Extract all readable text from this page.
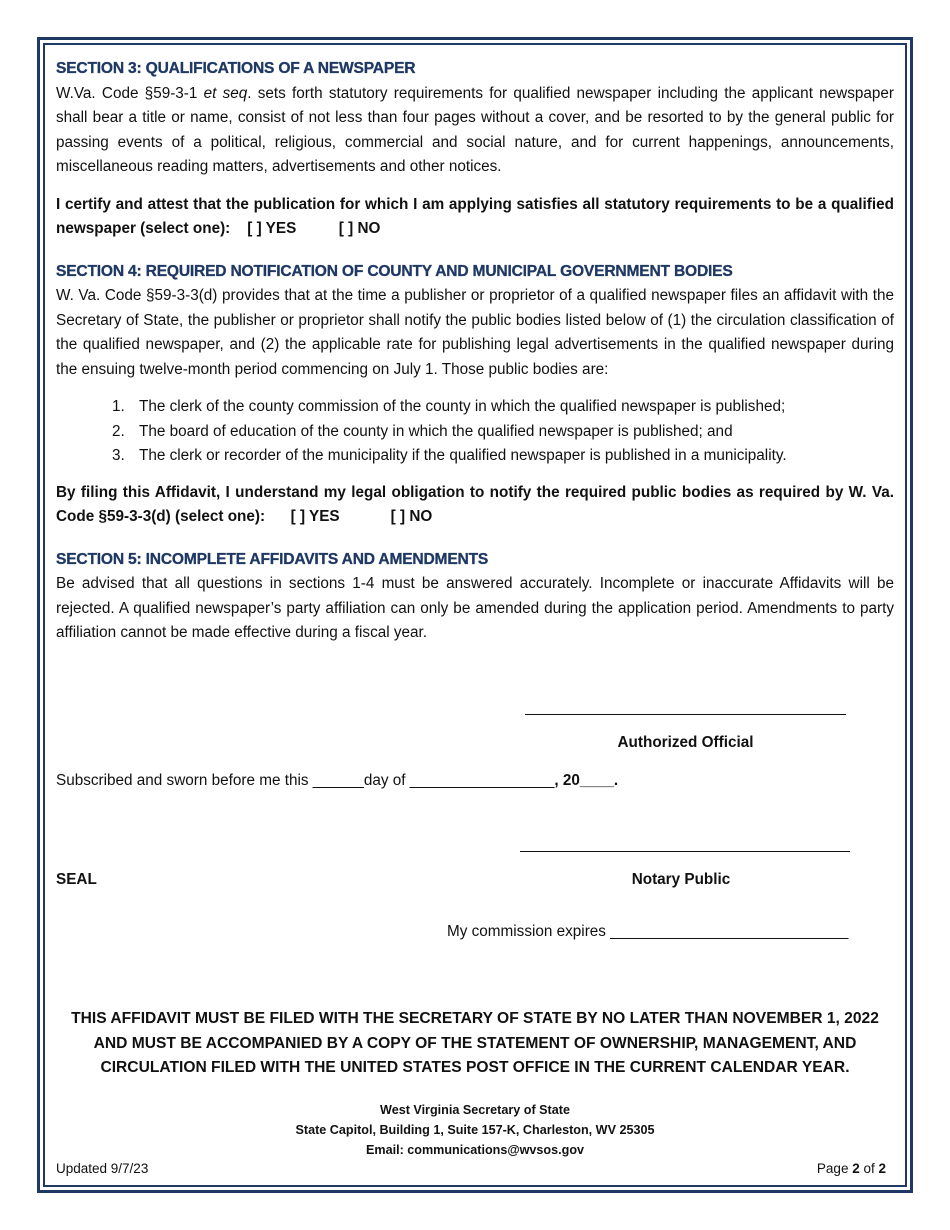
SECTION 3: QUALIFICATIONS OF A NEWSPAPER

W.Va. Code §59-3-1 et seq. sets forth statutory requirements for qualified newspaper including the applicant newspaper shall bear a title or name, consist of not less than four pages without a cover, and be resorted to by the general public for passing events of a political, religious, commercial and social nature, and for current happenings, announcements, miscellaneous reading matters, advertisements and other notices.

I certify and attest that the publication for which I am applying satisfies all statutory requirements to be a qualified newspaper (select one): [ ] YES	[ ] NO

SECTION 4: REQUIRED NOTIFICATION OF COUNTY AND MUNICIPAL GOVERNMENT BODIES

W. Va. Code §59-3-3(d) provides that at the time a publisher or proprietor of a qualified newspaper files an affidavit with the Secretary of State, the publisher or proprietor shall notify the public bodies listed below of (1) the circulation classification of the qualified newspaper, and (2) the applicable rate for publishing legal advertisements in the qualified newspaper during the ensuing twelve-month period commencing on July 1. Those public bodies are:

1. The clerk of the county commission of the county in which the qualified newspaper is published;
2. The board of education of the county in which the qualified newspaper is published; and
3. The clerk or recorder of the municipality if the qualified newspaper is published in a municipality.

By filing this Affidavit, I understand my legal obligation to notify the required public bodies as required by W. Va. Code §59-3-3(d) (select one): [ ] YES	[ ] NO

SECTION 5: INCOMPLETE AFFIDAVITS AND AMENDMENTS

Be advised that all questions in sections 1-4 must be answered accurately. Incomplete or inaccurate Affidavits will be rejected. A qualified newspaper’s party affiliation can only be amended during the application period. Amendments to party affiliation cannot be made effective during a fiscal year.

Authorized Official
Subscribed and sworn before me this ______day of _________________, 20____.
SEAL	Notary Public
My commission expires ____________________________
THIS AFFIDAVIT MUST BE FILED WITH THE SECRETARY OF STATE BY NO LATER THAN NOVEMBER 1, 2022
AND MUST BE ACCOMPANIED BY A COPY OF THE STATEMENT OF OWNERSHIP, MANAGEMENT, AND
CIRCULATION FILED WITH THE UNITED STATES POST OFFICE IN THE CURRENT CALENDAR YEAR.
West Virginia Secretary of State
State Capitol, Building 1, Suite 157-K, Charleston, WV 25305
Email: communications@wvsos.gov
Updated 9/7/23	Page 2 of 2
